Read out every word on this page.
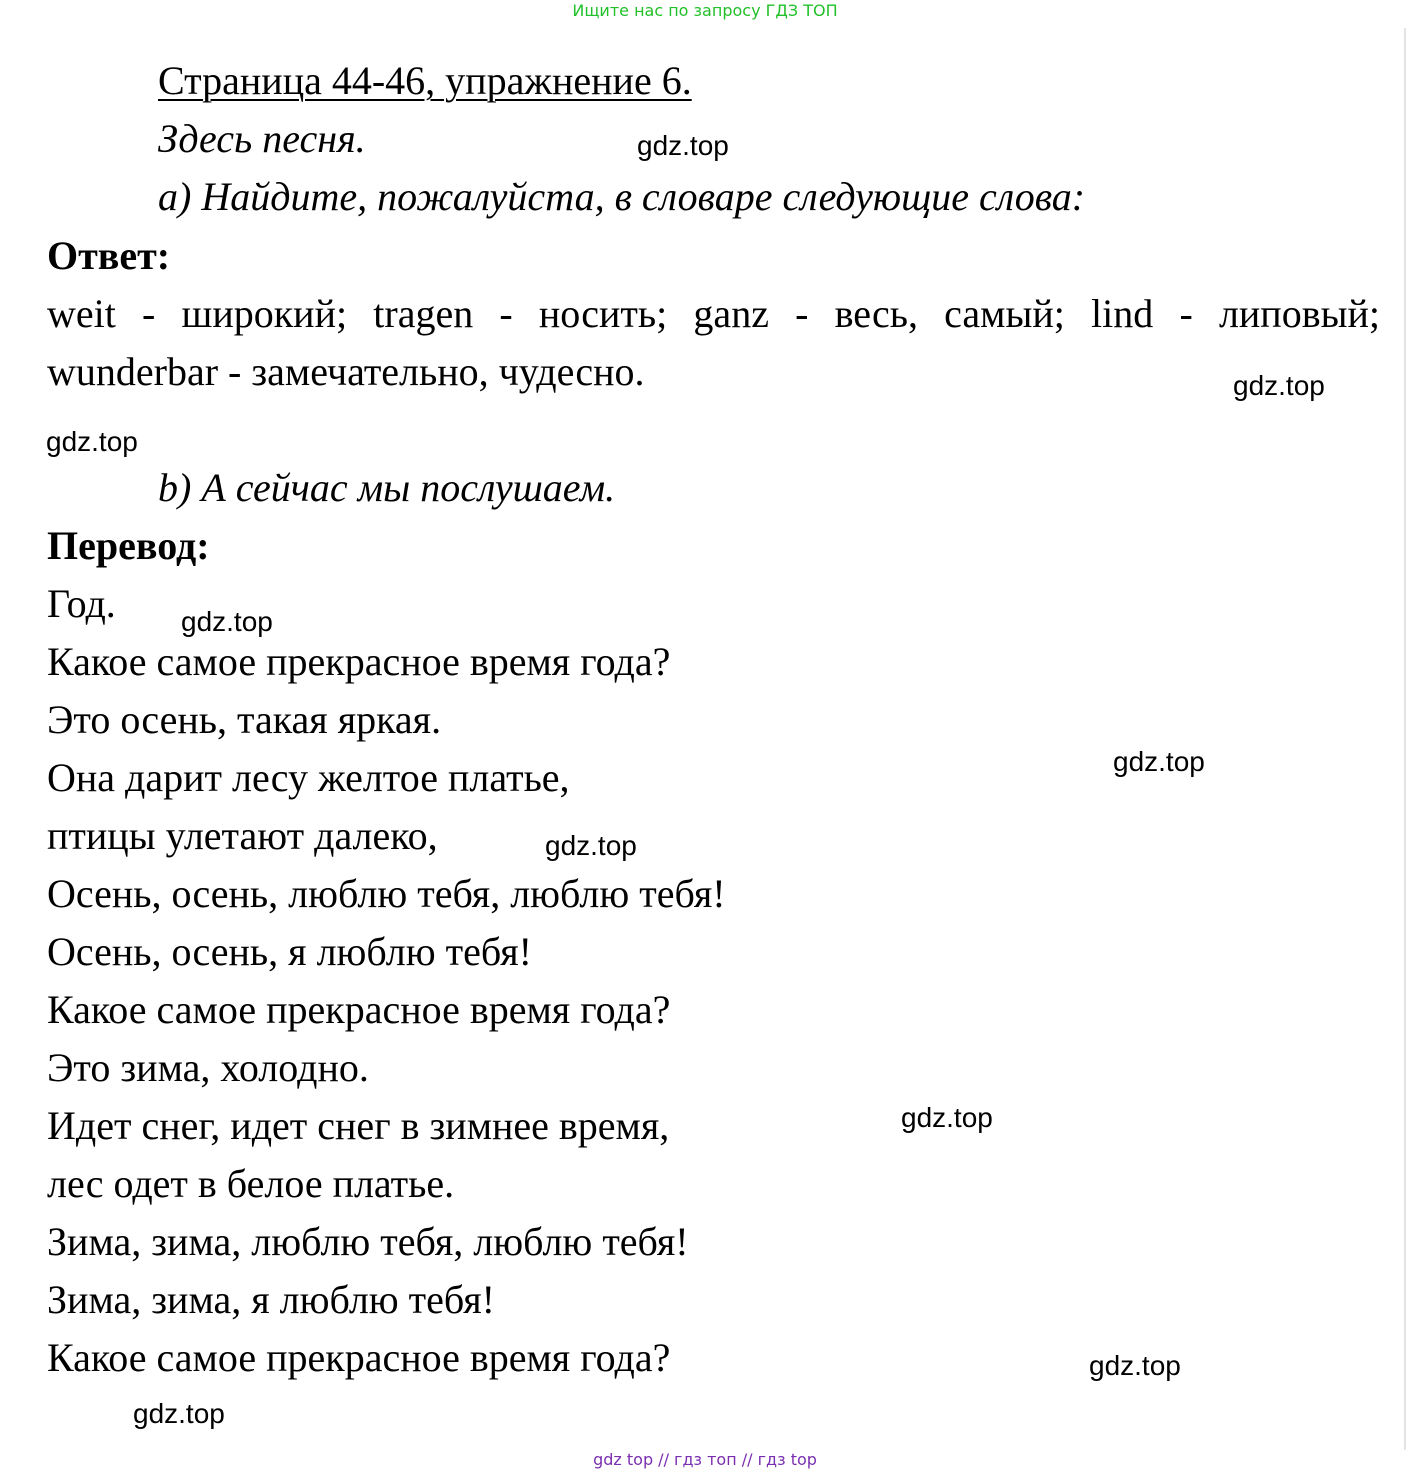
Ищите нас по запросу ГДЗ ТОП
Страница 44-46, упражнение 6.
Здесь песня.
a) Найдите, пожалуйста, в словаре следующие слова:
Ответ:
weit - широкий; tragen - носить; ganz - весь, самый; lind - липовый;
wunderbar - замечательно, чудесно.
b) А сейчас мы послушаем.
Перевод:
Год.
Какое самое прекрасное время года?
Это осень, такая яркая.
Она дарит лесу желтое платье,
птицы улетают далеко,
Осень, осень, люблю тебя, люблю тебя!
Осень, осень, я люблю тебя!
Какое самое прекрасное время года?
Это зима, холодно.
Идет снег, идет снег в зимнее время,
лес одет в белое платье.
Зима, зима, люблю тебя, люблю тебя!
Зима, зима, я люблю тебя!
Какое самое прекрасное время года?
gdz.top
gdz.top
gdz.top
gdz.top
gdz.top
gdz.top
gdz.top
gdz.top
gdz.top
gdz top // гдз топ // гдз top
